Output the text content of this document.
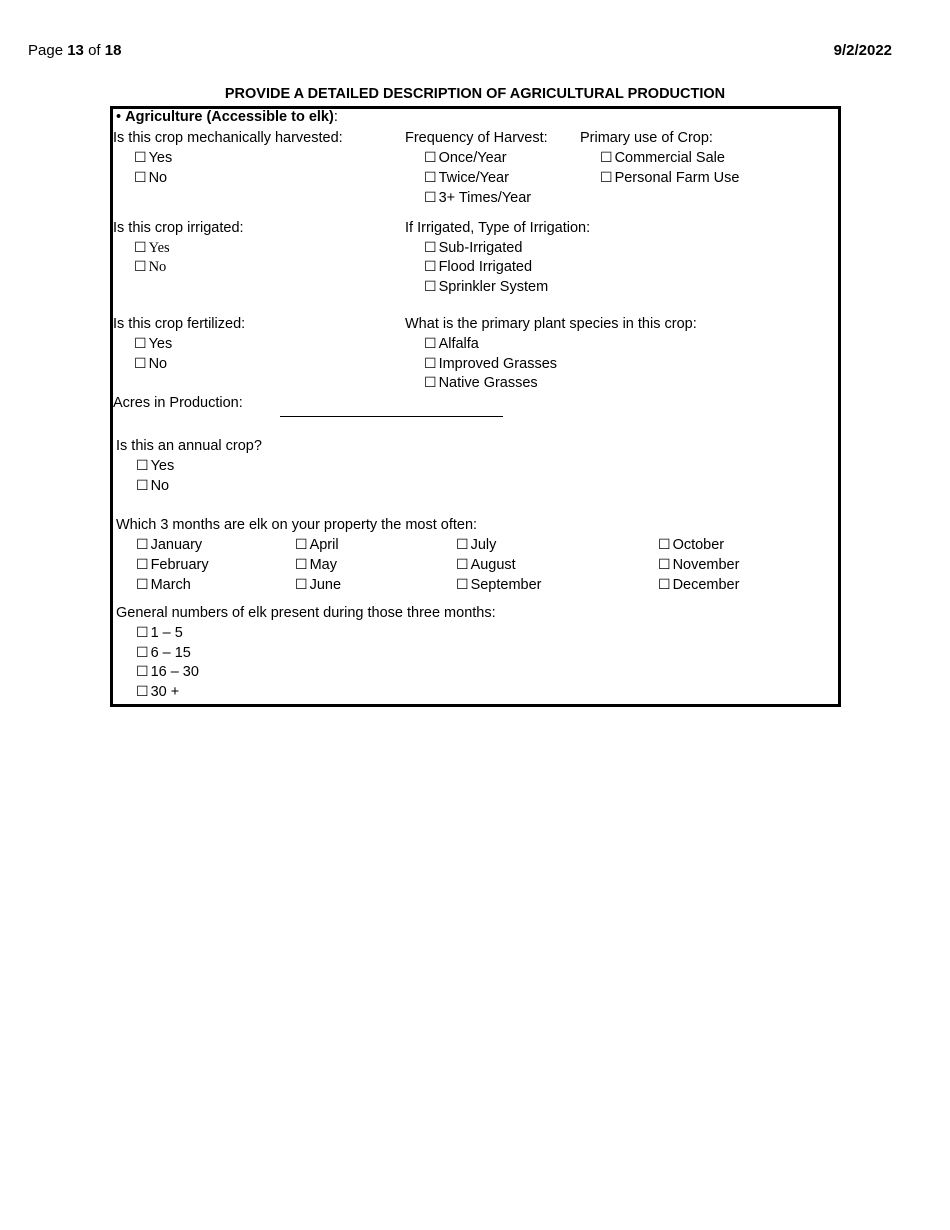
Page 13 of 18	9/2/2022
PROVIDE A DETAILED DESCRIPTION OF AGRICULTURAL PRODUCTION
• Agriculture (Accessible to elk):
Is this crop mechanically harvested:
☐ Yes
☐ No
Frequency of Harvest:
☐ Once/Year
☐ Twice/Year
☐ 3+ Times/Year
Primary use of Crop:
☐ Commercial Sale
☐ Personal Farm Use
Is this crop irrigated:
☐ Yes
☐ No
If Irrigated, Type of Irrigation:
☐ Sub-Irrigated
☐ Flood Irrigated
☐ Sprinkler System
Is this crop fertilized:
☐ Yes
☐ No
What is the primary plant species in this crop:
☐ Alfalfa
☐ Improved Grasses
☐ Native Grasses
Acres in Production:
Is this an annual crop?
☐ Yes
☐ No
Which 3 months are elk on your property the most often:
☐ January
☐ February
☐ March
☐ April
☐ May
☐ June
☐ July
☐ August
☐ September
☐ October
☐ November
☐ December
General numbers of elk present during those three months:
☐ 1 – 5
☐ 6 – 15
☐ 16 – 30
☐ 30 +
